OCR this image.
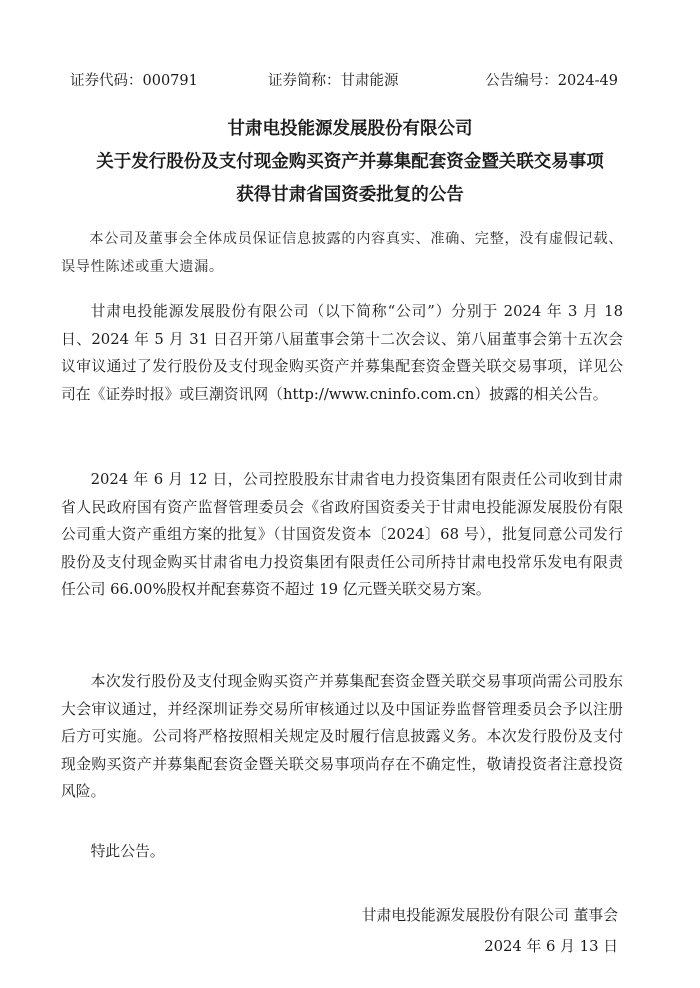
证券代码：000791	证券简称：甘肃能源	公告编号：2024-49
甘肃电投能源发展股份有限公司
关于发行股份及支付现金购买资产并募集配套资金暨关联交易事项
获得甘肃省国资委批复的公告

本公司及董事会全体成员保证信息披露的内容真实、准确、完整，没有虚假记载、误导性陈述或重大遗漏。

甘肃电投能源发展股份有限公司（以下简称“公司”）分别于 2024 年 3 月 18 日、2024 年 5 月 31 日召开第八届董事会第十二次会议、第八届董事会第十五次会议审议通过了发行股份及支付现金购买资产并募集配套资金暨关联交易事项，详见公司在《证券时报》或巨潮资讯网（http://www.cninfo.com.cn）披露的相关公告。

2024 年 6 月 12 日，公司控股股东甘肃省电力投资集团有限责任公司收到甘肃省人民政府国有资产监督管理委员会《省政府国资委关于甘肃电投能源发展股份有限公司重大资产重组方案的批复》（甘国资发资本〔2024〕68 号），批复同意公司发行股份及支付现金购买甘肃省电力投资集团有限责任公司所持甘肃电投常乐发电有限责任公司 66.00%股权并配套募资不超过 19 亿元暨关联交易方案。

本次发行股份及支付现金购买资产并募集配套资金暨关联交易事项尚需公司股东大会审议通过，并经深圳证券交易所审核通过以及中国证券监督管理委员会予以注册后方可实施。公司将严格按照相关规定及时履行信息披露义务。本次发行股份及支付现金购买资产并募集配套资金暨关联交易事项尚存在不确定性，敬请投资者注意投资风险。

特此公告。

甘肃电投能源发展股份有限公司 董事会
2024 年 6 月 13 日
